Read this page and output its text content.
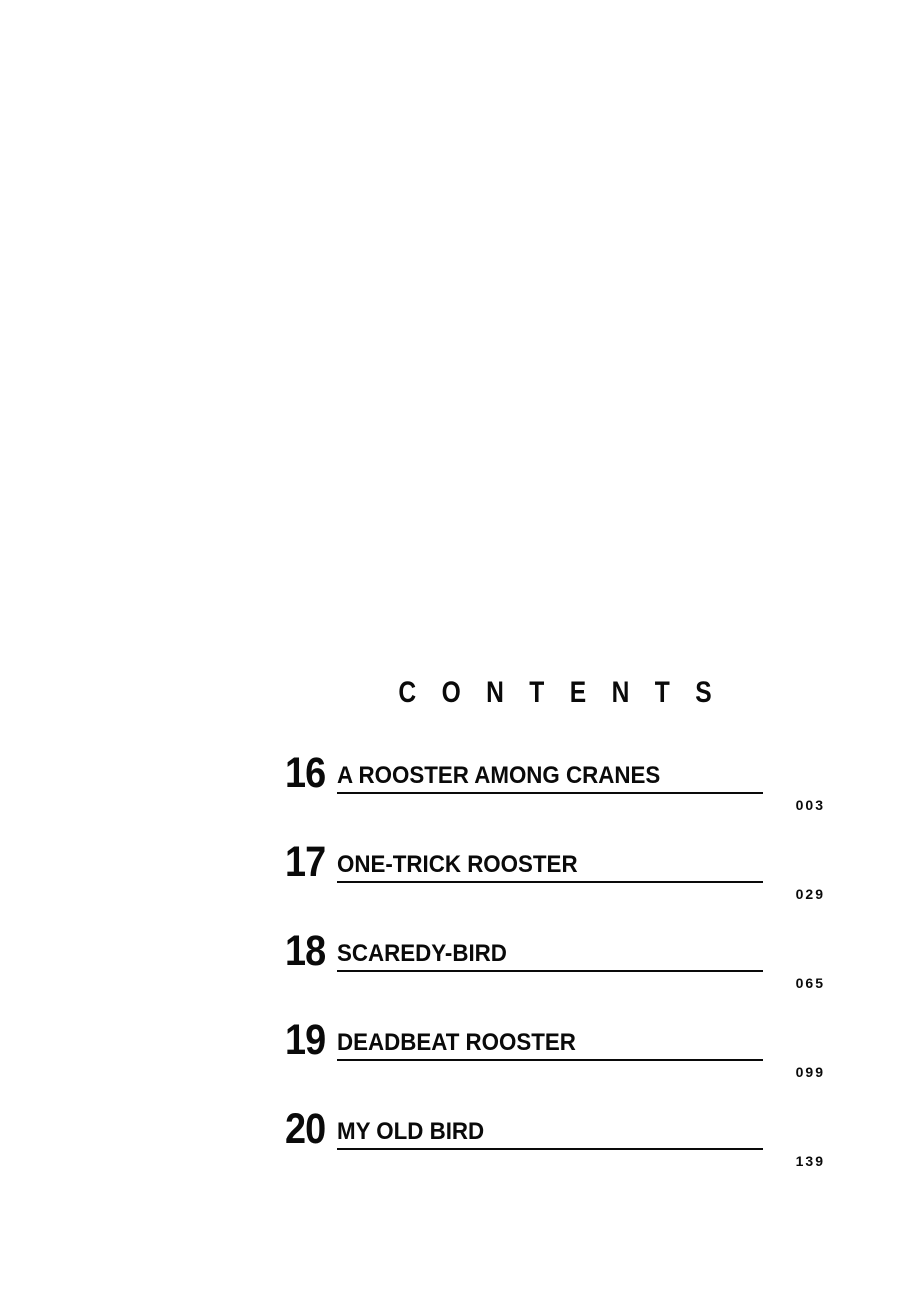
CONTENTS
16 A ROOSTER AMONG CRANES
003
17 ONE-TRICK ROOSTER
029
18 SCAREDY-BIRD
065
19 DEADBEAT ROOSTER
099
20 MY OLD BIRD
139
